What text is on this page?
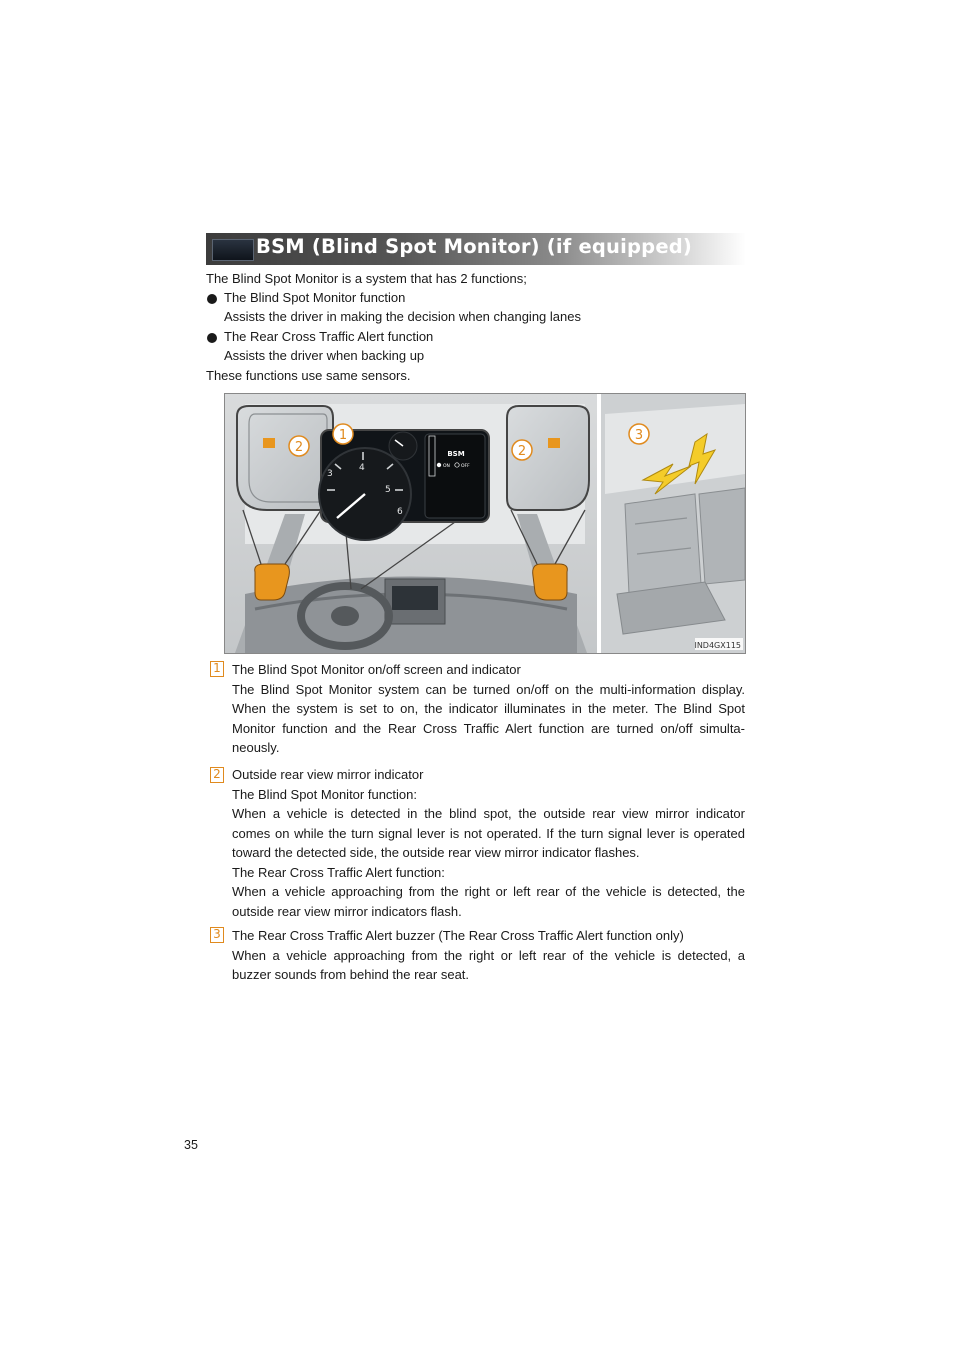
BSM (Blind Spot Monitor) (if equipped)
The Blind Spot Monitor is a system that has 2 functions;
The Blind Spot Monitor function
Assists the driver in making the decision when changing lanes
The Rear Cross Traffic Alert function
Assists the driver when backing up
These functions use same sensors.
3
4
5
6
BSM
ON OFF
1
2	2
3
IND4GX115
1 The Blind Spot Monitor on/off screen and indicator
The Blind Spot Monitor system can be turned on/off on the multi-information display.
When the system is set to on, the indicator illuminates in the meter. The Blind Spot
Monitor function and the Rear Cross Traffic Alert function are turned on/off simulta-
neously.
2 Outside rear view mirror indicator
The Blind Spot Monitor function:
When a vehicle is detected in the blind spot, the outside rear view mirror indicator
comes on while the turn signal lever is not operated. If the turn signal lever is operated
toward the detected side, the outside rear view mirror indicator flashes.
The Rear Cross Traffic Alert function:
When a vehicle approaching from the right or left rear of the vehicle is detected, the
outside rear view mirror indicators flash.
3 The Rear Cross Traffic Alert buzzer (The Rear Cross Traffic Alert function only)
When a vehicle approaching from the right or left rear of the vehicle is detected, a
buzzer sounds from behind the rear seat.
35
